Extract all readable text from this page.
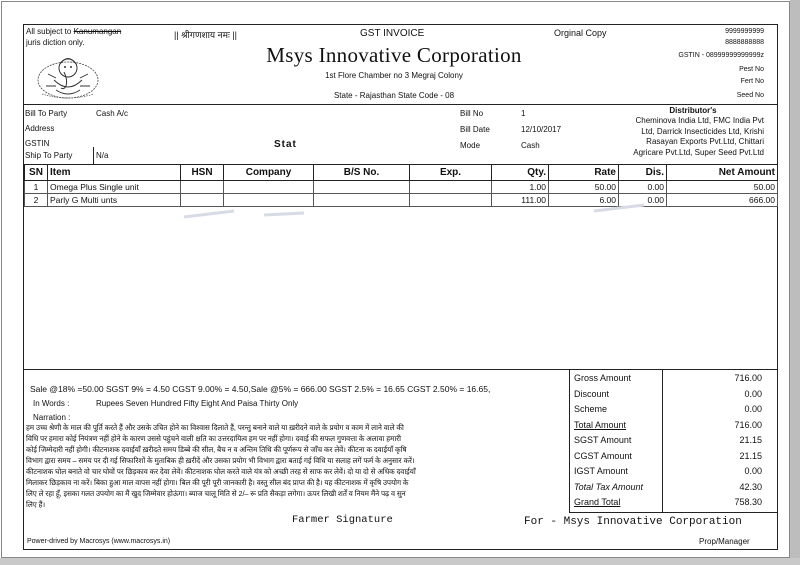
All subject to Kanumangan
juris diction only.
|| श्रीगणशाय नमः ||	GST INVOICE	Orginal Copy
Msys Innovative Corporation
1st Flore Chamber no 3 Megraj Colony
State - Rajasthan State Code - 08
9999999999
8888888888
GSTIN - 08999999999999z
Pest No
Fert No
Seed No
Bill To Party	Cash A/c
Address
GSTIN	Stat
Ship To Party	N/a
Bill No	1
Bill Date	12/10/2017
Mode	Cash
Distributor's
Cheminova India Ltd, FMC India Pvt
Ltd, Darrick Insecticides Ltd, Krishi
Rasayan Exports Pvt.Ltd, Chittari
Agricare Pvt.Ltd, Super Seed Pvt.Ltd
SN	Item	HSN	Company	B/S No.	Exp.	Qty.	Rate	Dis.	Net Amount
1	Omega Plus Single unit					1.00	50.00	0.00	50.00
2	Parly G Multi unts					111.00	6.00	0.00	666.00
Sale @18% =50.00 SGST 9% = 4.50 CGST 9.00% = 4.50,Sale @5% = 666.00 SGST 2.5% = 16.65 CGST 2.50% = 16.65,
In Words :	Rupees Seven Hundred Fifty Eight And Paisa Thirty Only
Narration :
हम उच्च श्रेणी के माल की पूर्ति करते हैं और उसके उचित होने का विश्वास दिलाते हैं, परन्तु बनाने वाले या ख़रीदने वाले के प्रयोग व काम में लाने वाले की
विधि पर हमारा कोई नियंत्रण नहीं होने के कारण उससे पहुंचने वाली क्षति का उत्तरदायित्व हम पर नहीं होगा। दवाई की सफल गुणवत्ता के अलावा हमारी
कोई जिम्मेदारी नहीं होगी। कीटनाशक दवाईयाँ ख़रीदते समय डिब्बे की सील, बैच न व अन्तिम तिथि की पूर्णरूप से जाँच कर लेवें। कीटना क दवाईयाँ कृषि
विभाग द्वारा समय – समय पर दी गई सिफारिशों के मुताबिक ही ख़रीदें और उसका प्रयोग भी विभाग द्वारा बताई गई विधि या सलाह लगें फर्म के अनुसार करें।
कीटनाशक घोल बनाते वो चार घोवों पर छिड़काव कर देवा लेवें। कीटनाशक घोल करते वाले यंत्र को अच्छी तरह से साफ कर लेवें। दो या दो से अधिक दवाईयाँ
मिलाकर छिड़काव ना करें। बिका हुआ माल वापस नहीं होगा। बिल की पूरी पूरी जानकारी है। वस्तु सील बंद प्राप्त की है। यह कीटनाशक में कृषि उपयोग के
लिए ले रहा हूँ, इसका गलत उपयोग का मैं खुद जिम्मेवार होऊंगा। ब्याज चालू मिति से 2/– रू प्रति सैकड़ा लगेगा। ऊपर लिखी शर्तें व नियम मैंने पढ़ व सुन
लिए हैं।
Farmer Signature	For - Msys Innovative Corporation
Power-drived by Macrosys (www.macrosys.in)	Prop/Manager
Gross Amount	716.00
Discount	0.00
Scheme	0.00
Total Amount	716.00
SGST Amount	21.15
CGST Amount	21.15
IGST Amount	0.00
Total Tax Amount	42.30
Grand Total	758.30
